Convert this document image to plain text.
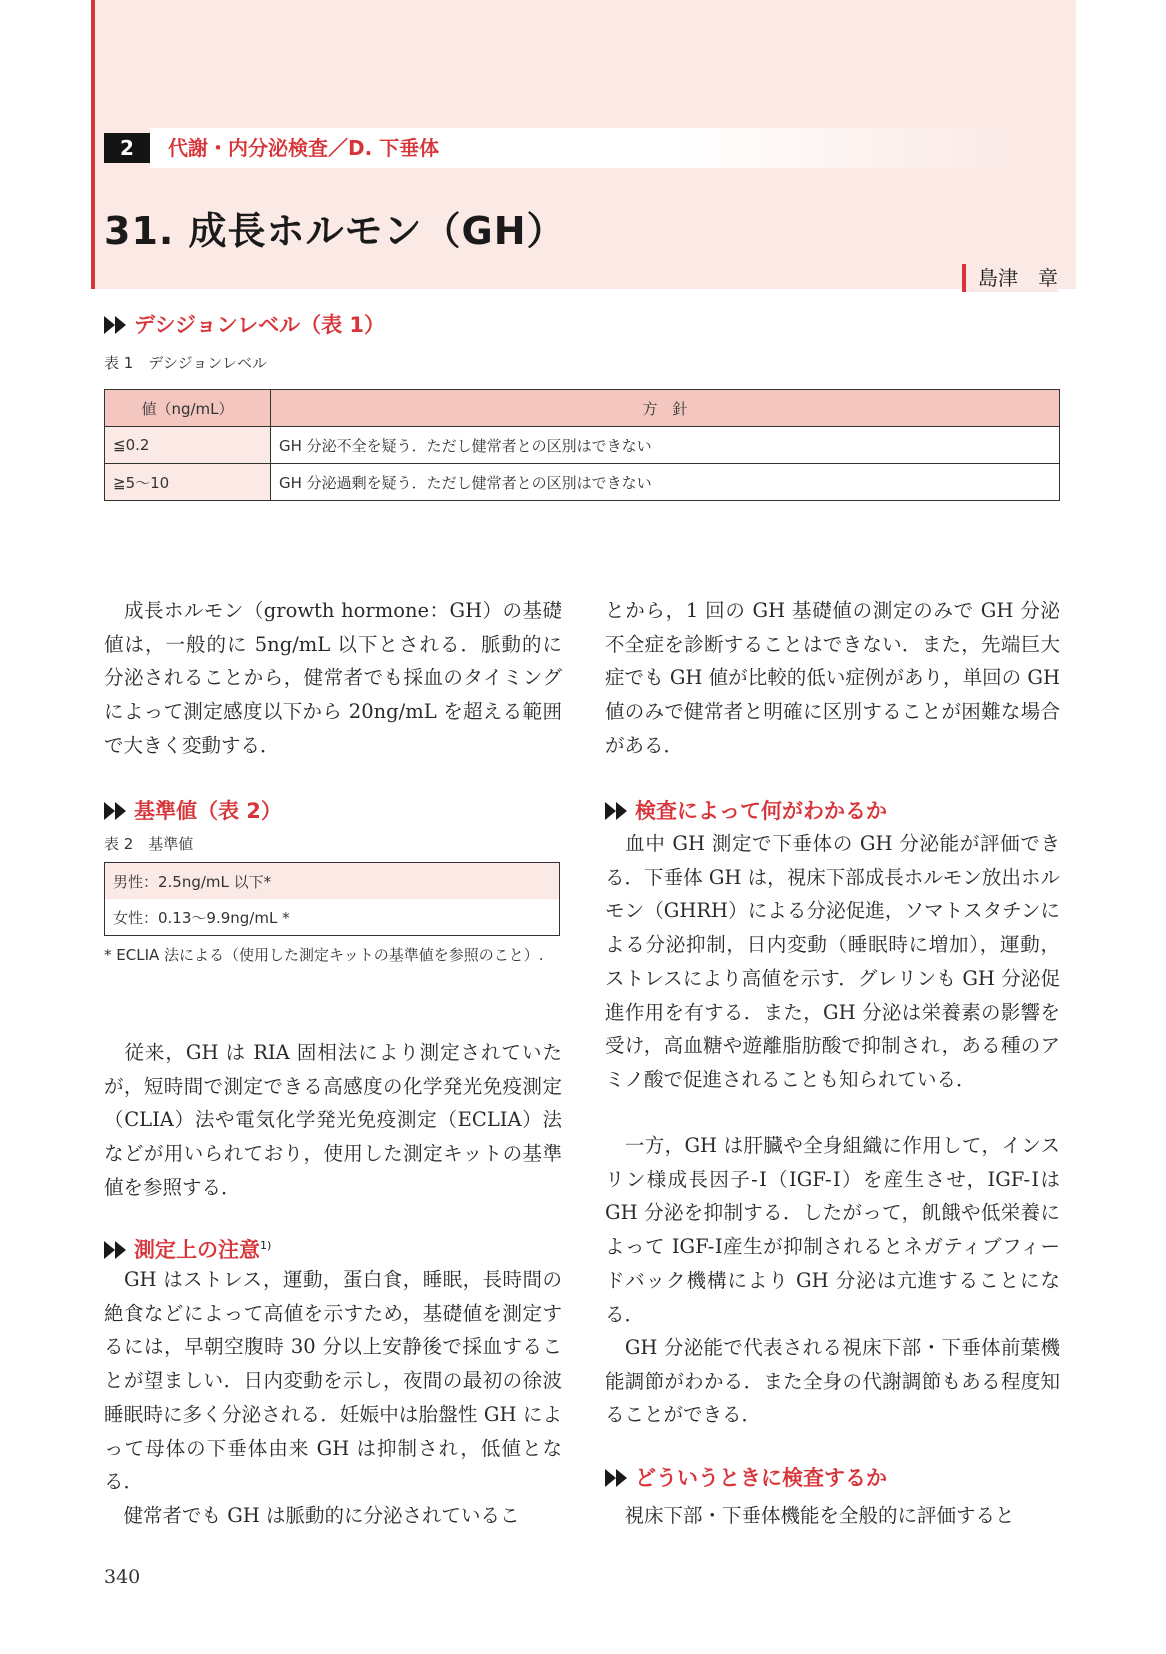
2	代謝・内分泌検査／D. 下垂体
31. 成長ホルモン（GH）
島津　章
デシジョンレベル（表 1）
表 1　デシジョンレベル
値（ng/mL）	方　針
≦0.2	GH 分泌不全を疑う．ただし健常者との区別はできない
≧5～10	GH 分泌過剰を疑う．ただし健常者との区別はできない

　成長ホルモン（growth hormone：GH）の基礎値は，一般的に 5ng/mL 以下とされる．脈動的に分泌されることから，健常者でも採血のタイミングによって測定感度以下から 20ng/mL を超える範囲で大きく変動する．

基準値（表 2）
表 2　基準値
男性：2.5ng/mL 以下*
女性：0.13～9.9ng/mL *
* ECLIA 法による（使用した測定キットの基準値を参照のこと）.

　従来，GH は RIA 固相法により測定されていたが，短時間で測定できる高感度の化学発光免疫測定（CLIA）法や電気化学発光免疫測定（ECLIA）法などが用いられており，使用した測定キットの基準値を参照する．

測定上の注意$^{1)}$

　GH はストレス，運動，蛋白食，睡眠，長時間の絶食などによって高値を示すため，基礎値を測定するには，早朝空腹時 30 分以上安静後で採血することが望ましい．日内変動を示し，夜間の最初の徐波睡眠時に多く分泌される．妊娠中は胎盤性 GH によって母体の下垂体由来 GH は抑制され，低値となる．

　健常者でも GH は脈動的に分泌されているこ

とから，1 回の GH 基礎値の測定のみで GH 分泌不全症を診断することはできない．また，先端巨大症でも GH 値が比較的低い症例があり，単回の GH 値のみで健常者と明確に区別することが困難な場合がある．

検査によって何がわかるか

　血中 GH 測定で下垂体の GH 分泌能が評価できる．下垂体 GH は，視床下部成長ホルモン放出ホルモン（GHRH）による分泌促進，ソマトスタチンによる分泌抑制，日内変動（睡眠時に増加），運動，ストレスにより高値を示す．グレリンも GH 分泌促進作用を有する．また，GH 分泌は栄養素の影響を受け，高血糖や遊離脂肪酸で抑制され，ある種のアミノ酸で促進されることも知られている．

　一方，GH は肝臓や全身組織に作用して，インスリン様成長因子-Ⅰ（IGF-Ⅰ）を産生させ，IGF-Ⅰは GH 分泌を抑制する．したがって，飢餓や低栄養によって IGF-Ⅰ産生が抑制されるとネガティブフィードバック機構により GH 分泌は亢進することになる．

　GH 分泌能で代表される視床下部・下垂体前葉機能調節がわかる．また全身の代謝調節もある程度知ることができる．

どういうときに検査するか

　視床下部・下垂体機能を全般的に評価すると

340
